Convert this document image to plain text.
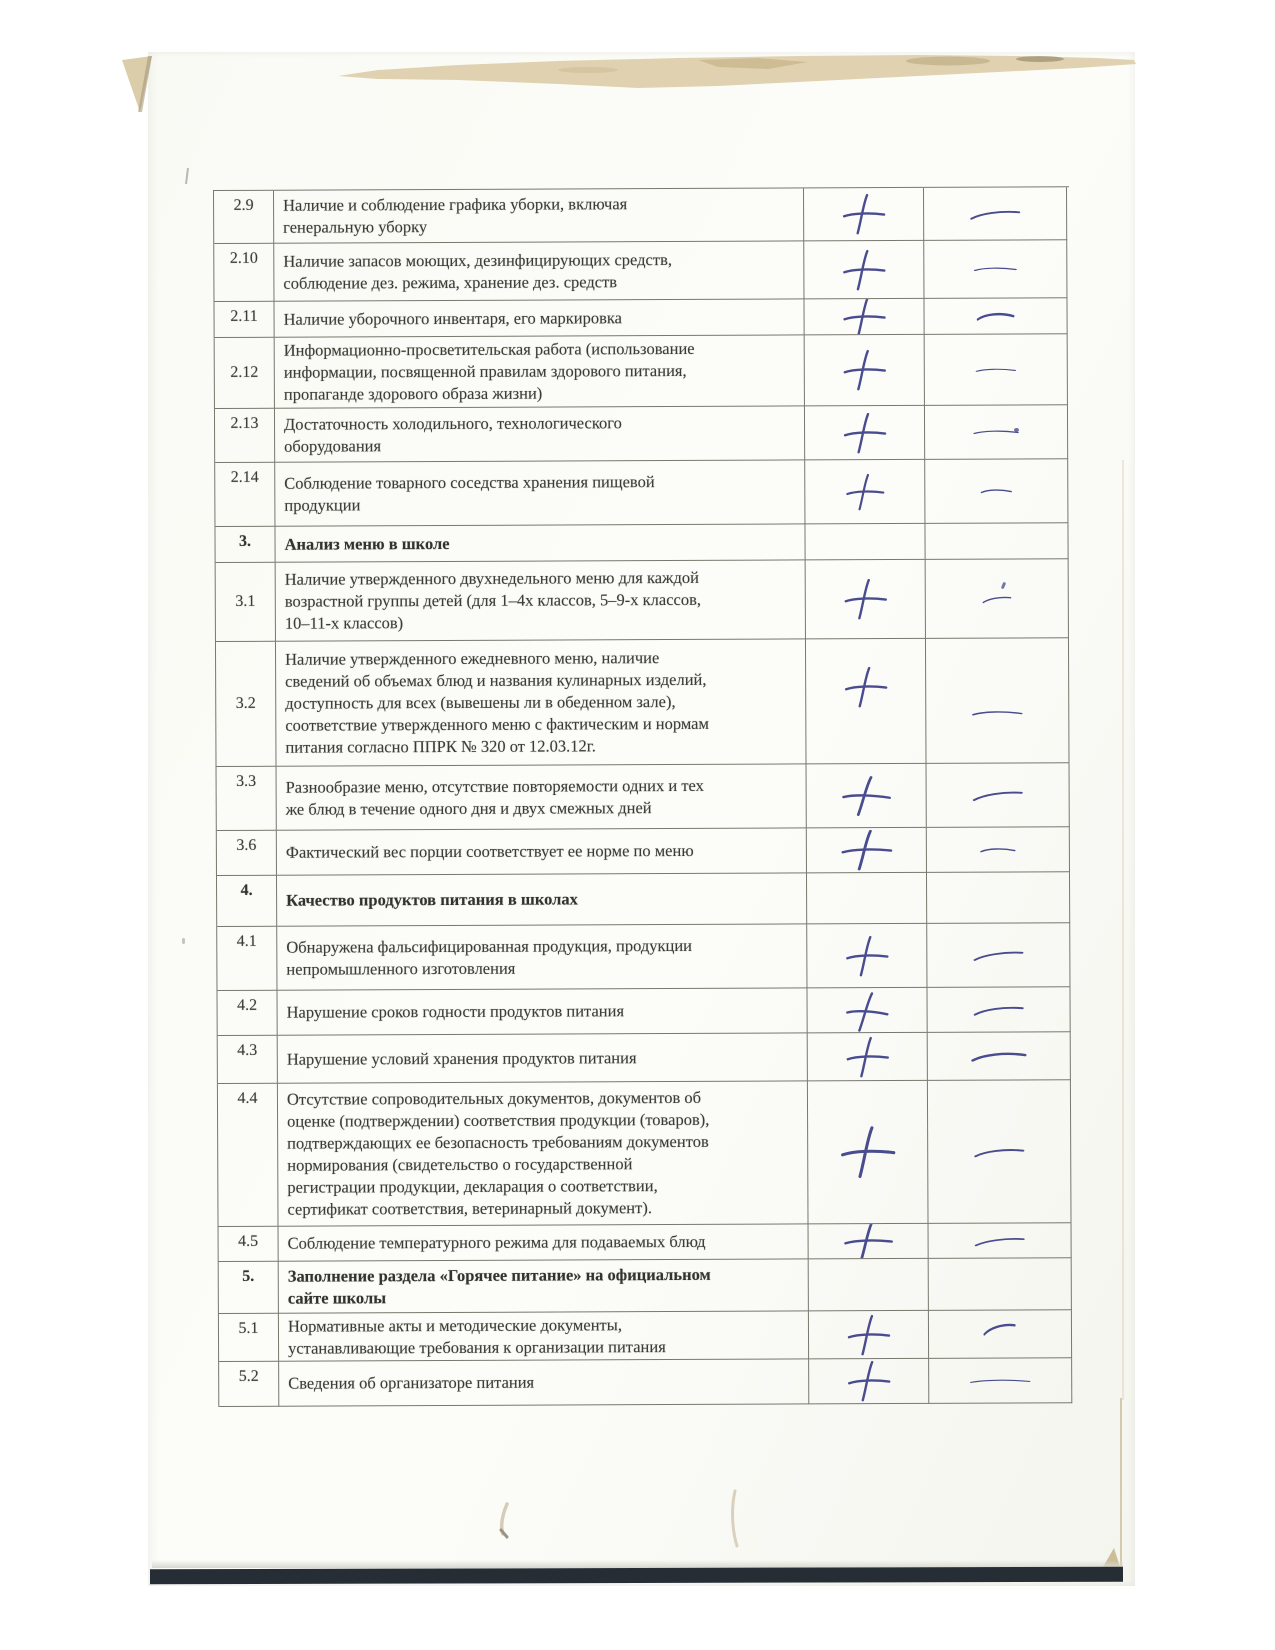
2.9 Наличие и соблюдение графика уборки, включая
генеральную уборку
2.10 Наличие запасов моющих, дезинфицирующих средств,
соблюдение дез. режима, хранение дез. средств
2.11 Наличие уборочного инвентаря, его маркировка
2.12
Информационно-просветительская работа (использование
информации, посвященной правилам здорового питания,
пропаганде здорового образа жизни)
2.13 Достаточность холодильного, технологического
оборудования
2.14 Соблюдение товарного соседства хранения пищевой
продукции
3. Анализ меню в школе
3.1
Наличие утвержденного двухнедельного меню для каждой
возрастной группы детей (для 1–4х классов, 5–9-х классов,
10–11-х классов)
3.2
Наличие утвержденного ежедневного меню, наличие
сведений об объемах блюд и названия кулинарных изделий,
доступность для всех (вывешены ли в обеденном зале),
соответствие утвержденного меню с фактическим и нормам
питания согласно ППРК № 320 от 12.03.12г.
3.3 Разнообразие меню, отсутствие повторяемости одних и тех
же блюд в течение одного дня и двух смежных дней
3.6 Фактический вес порции соответствует ее норме по меню
4. Качество продуктов питания в школах
4.1 Обнаружена фальсифицированная продукция, продукции
непромышленного изготовления
4.2 Нарушение сроков годности продуктов питания
4.3 Нарушение условий хранения продуктов питания
4.4 Отсутствие сопроводительных документов, документов об
оценке (подтверждении) соответствия продукции (товаров),
подтверждающих ее безопасность требованиям документов
нормирования (свидетельство о государственной
регистрации продукции, декларация о соответствии,
сертификат соответствия, ветеринарный документ).
4.5 Соблюдение температурного режима для подаваемых блюд
5. Заполнение раздела «Горячее питание» на официальном
сайте школы
5.1 Нормативные акты и методические документы,
устанавливающие требования к организации питания
5.2 Сведения об организаторе питания
